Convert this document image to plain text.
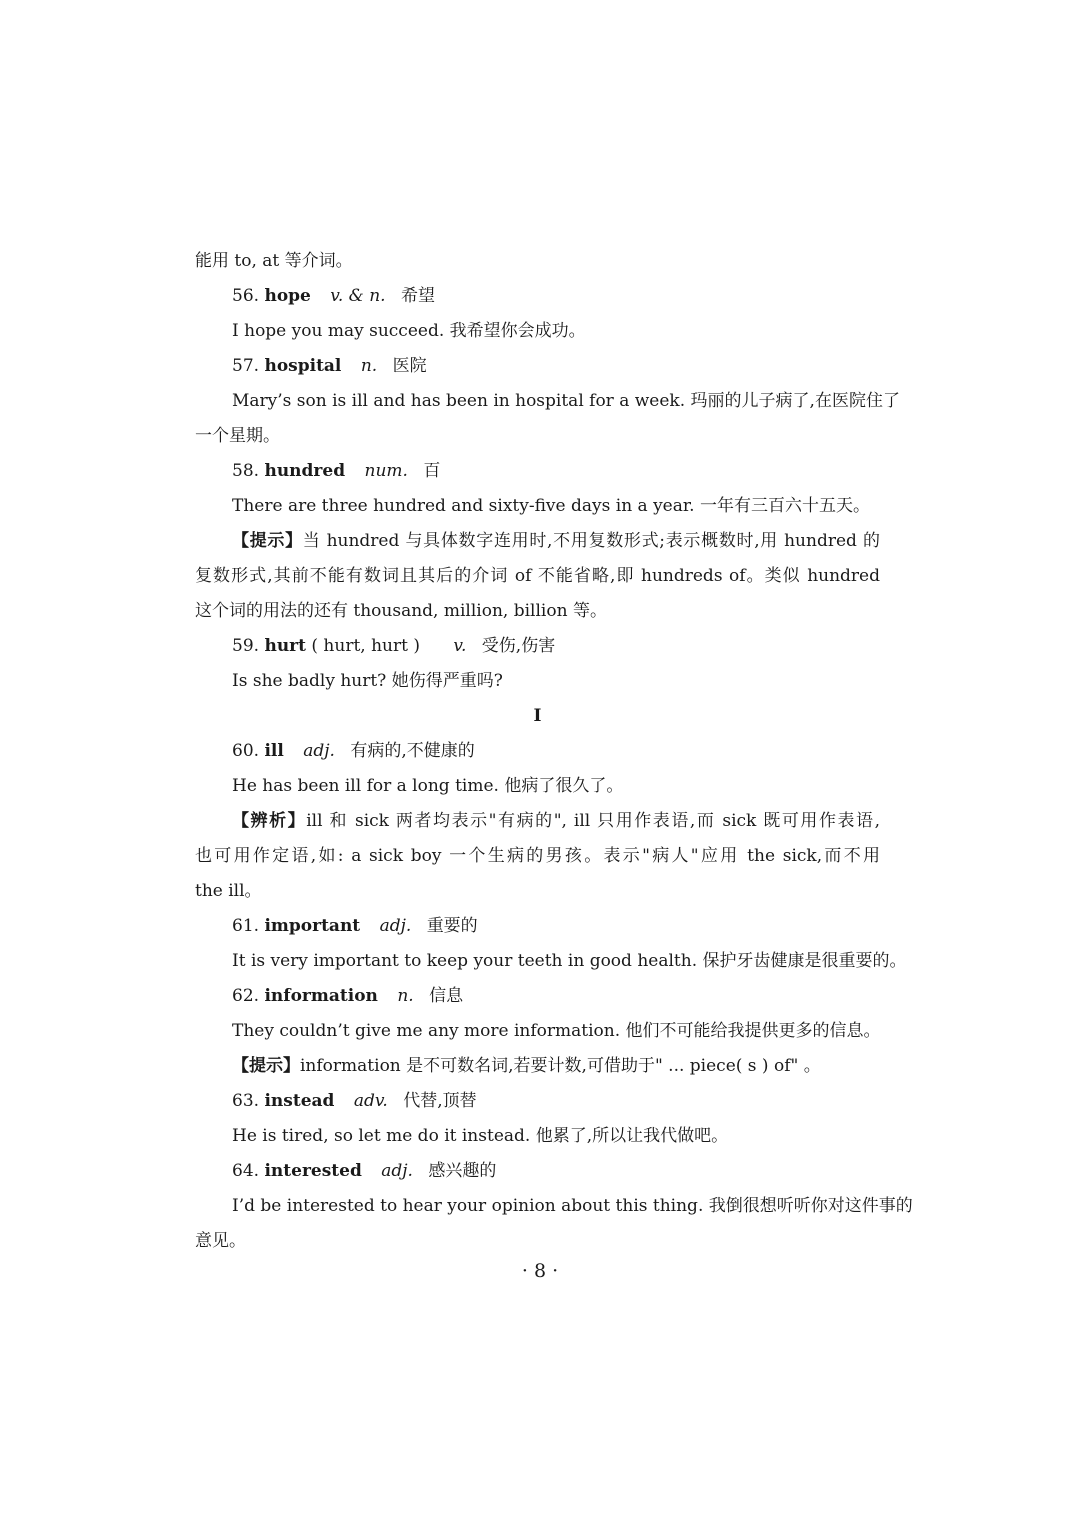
能用 to, at 等介词。
56. hope v. & n. 希望
I hope you may succeed. 我希望你会成功。
57. hospital n. 医院
Mary’s son is ill and has been in hospital for a week. 玛丽的儿子病了,在医院住了
一个星期。
58. hundred num. 百
There are three hundred and sixty-five days in a year. 一年有三百六十五天。
【提示】当 hundred 与具体数字连用时,不用复数形式;表示概数时,用 hundred 的
复数形式,其前不能有数词且其后的介词 of 不能省略,即 hundreds of。类似 hundred
这个词的用法的还有 thousand, million, billion 等。
59. hurt ( hurt, hurt ) v. 受伤,伤害
Is she badly hurt? 她伤得严重吗?
I
60. ill adj. 有病的,不健康的
He has been ill for a long time. 他病了很久了。
【辨析】ill 和 sick 两者均表示"有病的", ill 只用作表语,而 sick 既可用作表语,
也可用作定语,如: a sick boy 一个生病的男孩。表示"病人"应用 the sick,而不用
the ill。
61. important adj. 重要的
It is very important to keep your teeth in good health. 保护牙齿健康是很重要的。
62. information n. 信息
They couldn’t give me any more information. 他们不可能给我提供更多的信息。
【提示】information 是不可数名词,若要计数,可借助于" ... piece( s ) of" 。
63. instead adv. 代替,顶替
He is tired, so let me do it instead. 他累了,所以让我代做吧。
64. interested adj. 感兴趣的
I’d be interested to hear your opinion about this thing. 我倒很想听听你对这件事的
意见。
· 8 ·
